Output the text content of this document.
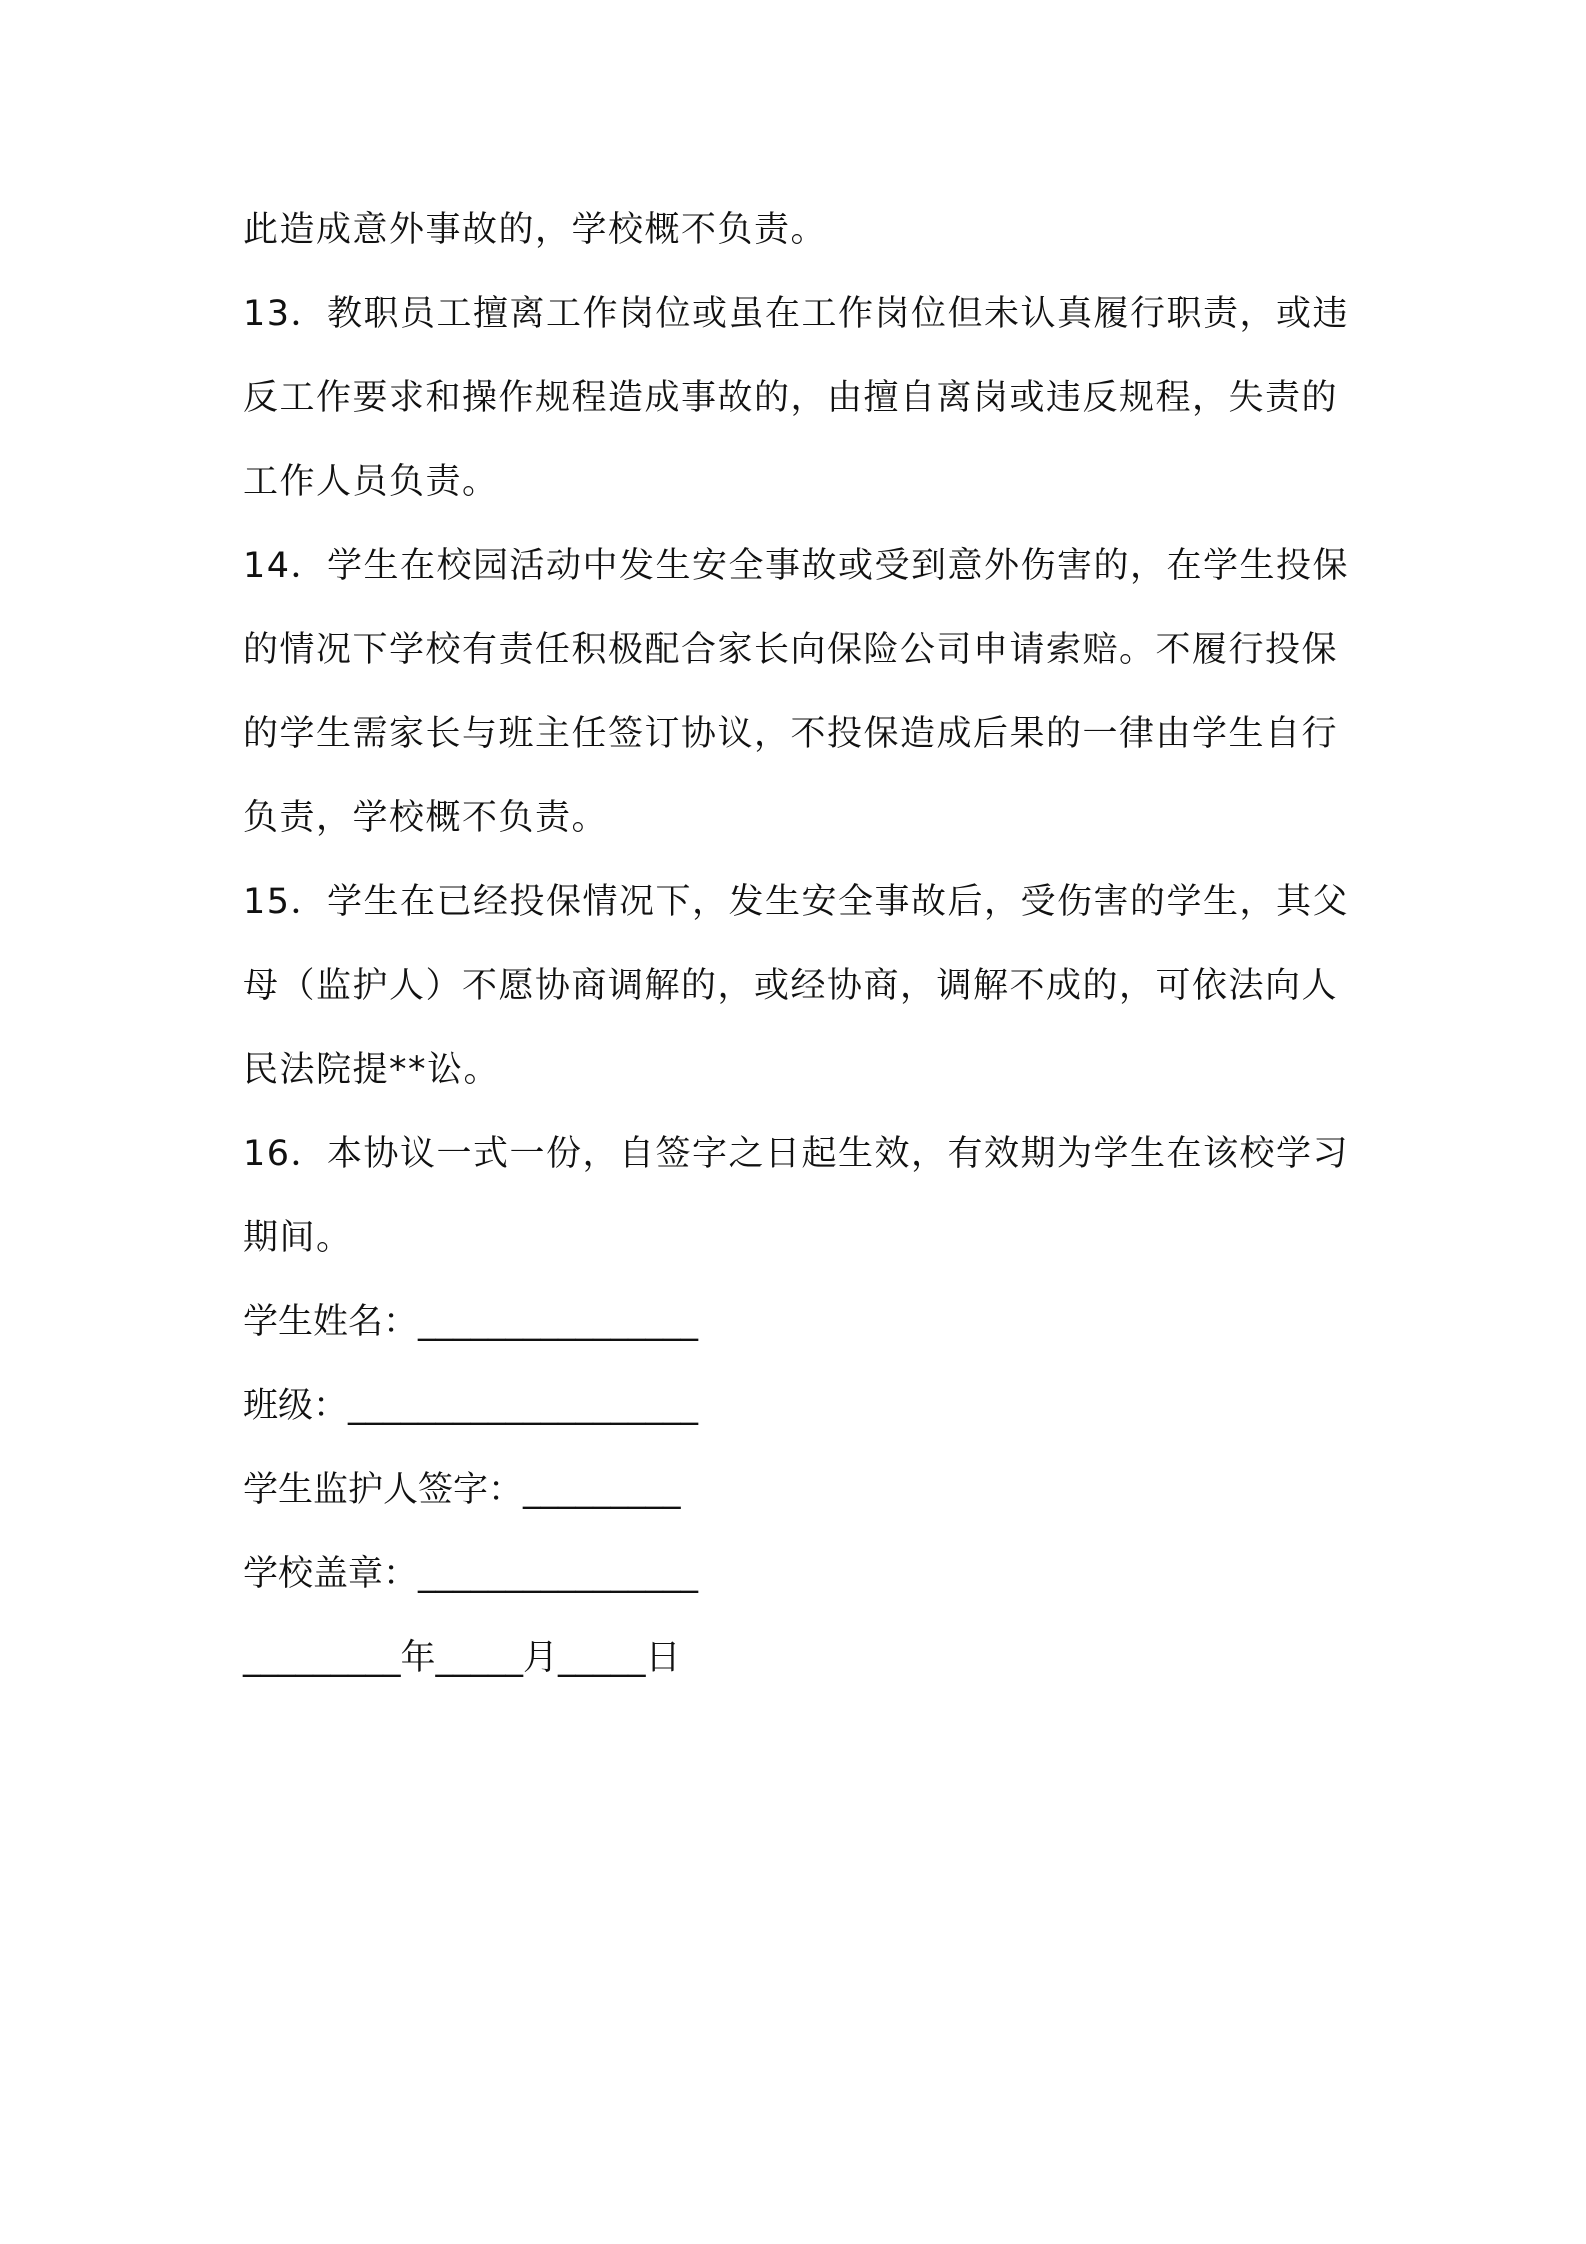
此造成意外事故的，学校概不负责。
13．教职员工擅离工作岗位或虽在工作岗位但未认真履行职责，或违
反工作要求和操作规程造成事故的，由擅自离岗或违反规程，失责的
工作人员负责。
14．学生在校园活动中发生安全事故或受到意外伤害的，在学生投保
的情况下学校有责任积极配合家长向保险公司申请索赔。不履行投保
的学生需家长与班主任签订协议，不投保造成后果的一律由学生自行
负责，学校概不负责。
15．学生在已经投保情况下，发生安全事故后，受伤害的学生，其父
母（监护人）不愿协商调解的，或经协商，调解不成的，可依法向人
民法院提**讼。
16．本协议一式一份，自签字之日起生效，有效期为学生在该校学习
期间。
学生姓名：________________
班级：____________________
学生监护人签字：_________
学校盖章：________________
_________年_____月_____日
